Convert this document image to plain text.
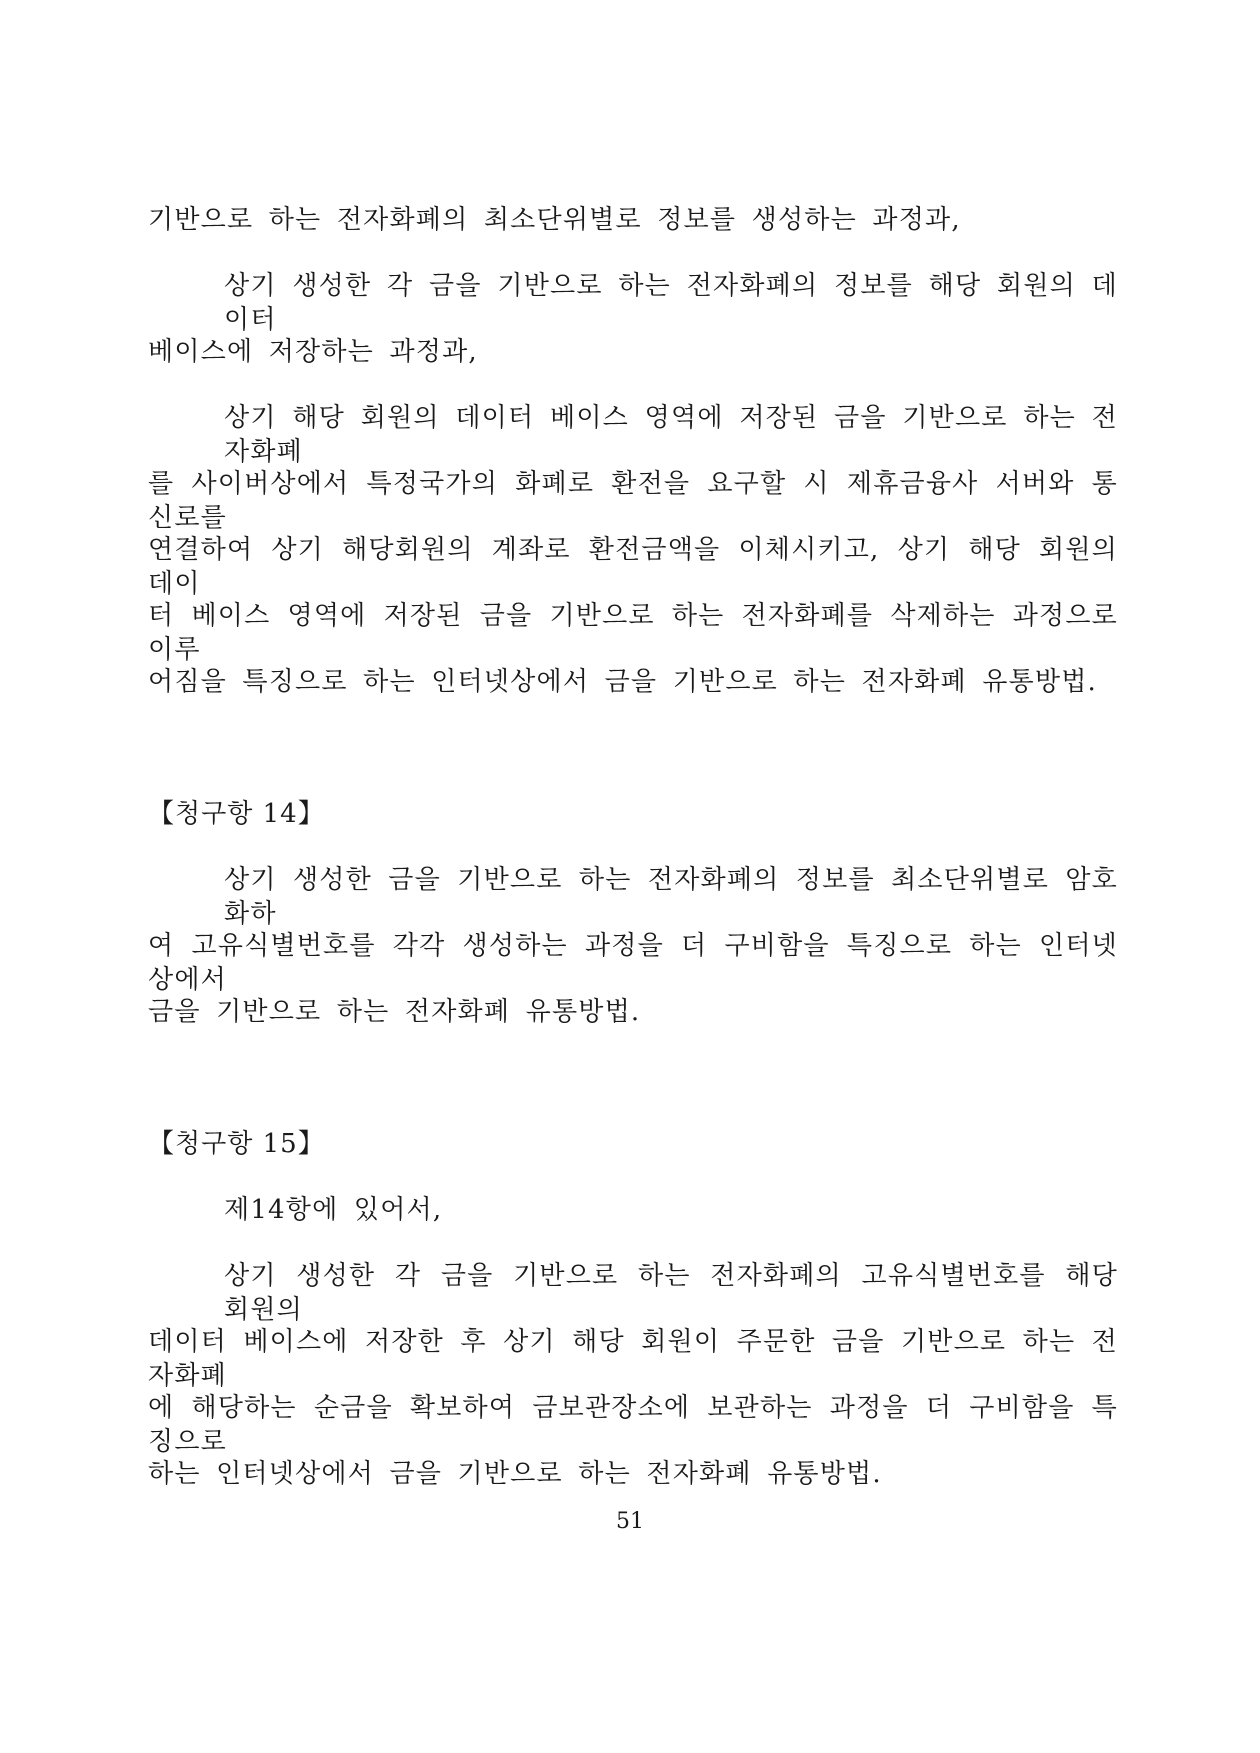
기반으로 하는 전자화폐의 최소단위별로 정보를 생성하는 과정과,
상기 생성한 각 금을 기반으로 하는 전자화폐의 정보를 해당 회원의 데이터
베이스에 저장하는 과정과,
상기 해당 회원의 데이터 베이스 영역에 저장된 금을 기반으로 하는 전자화폐
를 사이버상에서 특정국가의 화폐로 환전을 요구할 시 제휴금융사 서버와 통신로를
연결하여 상기 해당회원의 계좌로 환전금액을 이체시키고, 상기 해당 회원의 데이
터 베이스 영역에 저장된 금을 기반으로 하는 전자화폐를 삭제하는 과정으로 이루
어짐을 특징으로 하는 인터넷상에서 금을 기반으로 하는 전자화폐 유통방법.
【청구항 14】
상기 생성한 금을 기반으로 하는 전자화폐의 정보를 최소단위별로 암호화하
여 고유식별번호를 각각 생성하는 과정을 더 구비함을 특징으로 하는 인터넷상에서
금을 기반으로 하는 전자화폐 유통방법.
【청구항 15】
제14항에 있어서,
상기 생성한 각 금을 기반으로 하는 전자화폐의 고유식별번호를 해당 회원의
데이터 베이스에 저장한 후 상기 해당 회원이 주문한 금을 기반으로 하는 전자화폐
에 해당하는 순금을 확보하여 금보관장소에 보관하는 과정을 더 구비함을 특징으로
하는 인터넷상에서 금을 기반으로 하는 전자화폐 유통방법.
51
